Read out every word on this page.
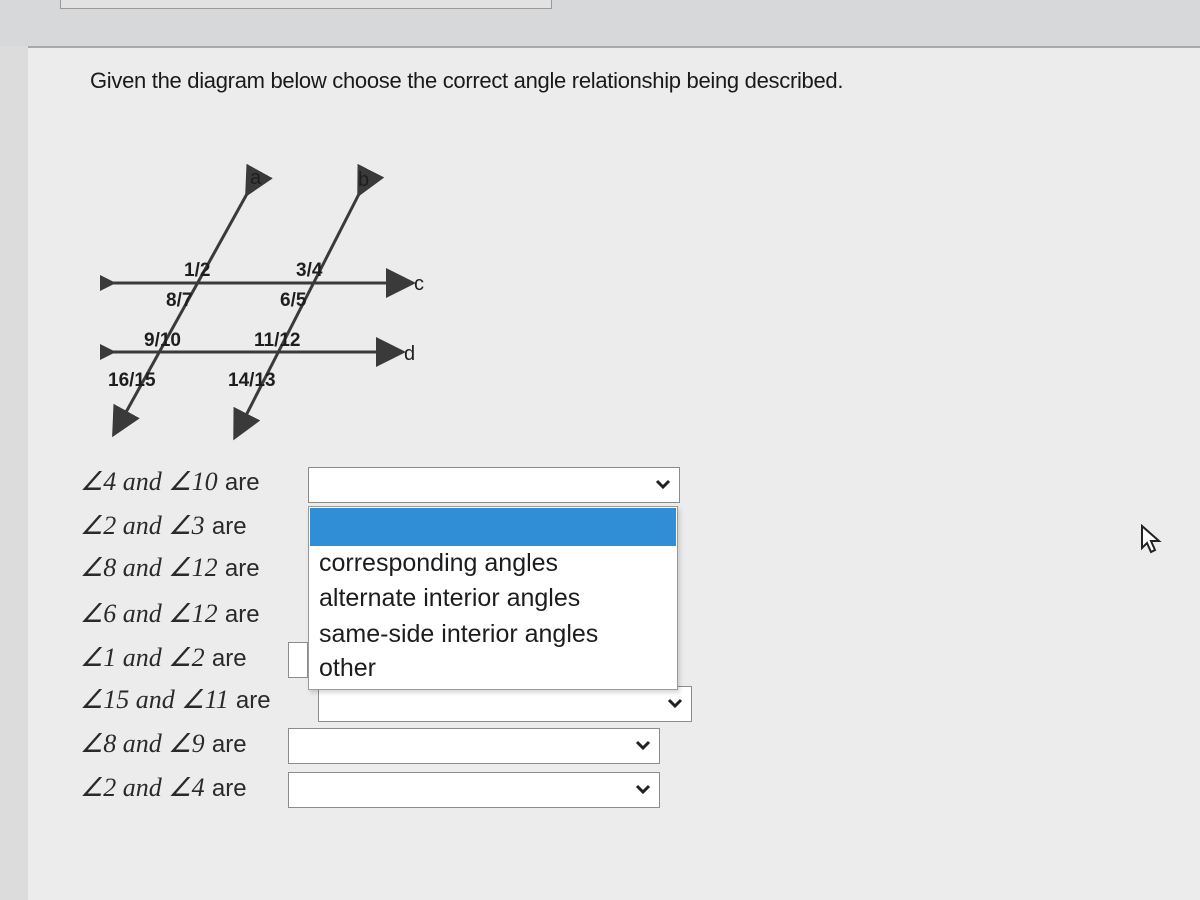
Given the diagram below choose the correct angle relationship being described.
a	b
c
d
1/2	3/4
8/7	6/5
9/10	11/12
16/15	14/13
∠4 and ∠10 are
∠2 and ∠3 are
∠8 and ∠12 are
∠6 and ∠12 are
∠1 and ∠2 are
∠15 and ∠11 are
∠8 and ∠9 are
∠2 and ∠4 are
corresponding angles
alternate interior angles
same-side interior angles
other
